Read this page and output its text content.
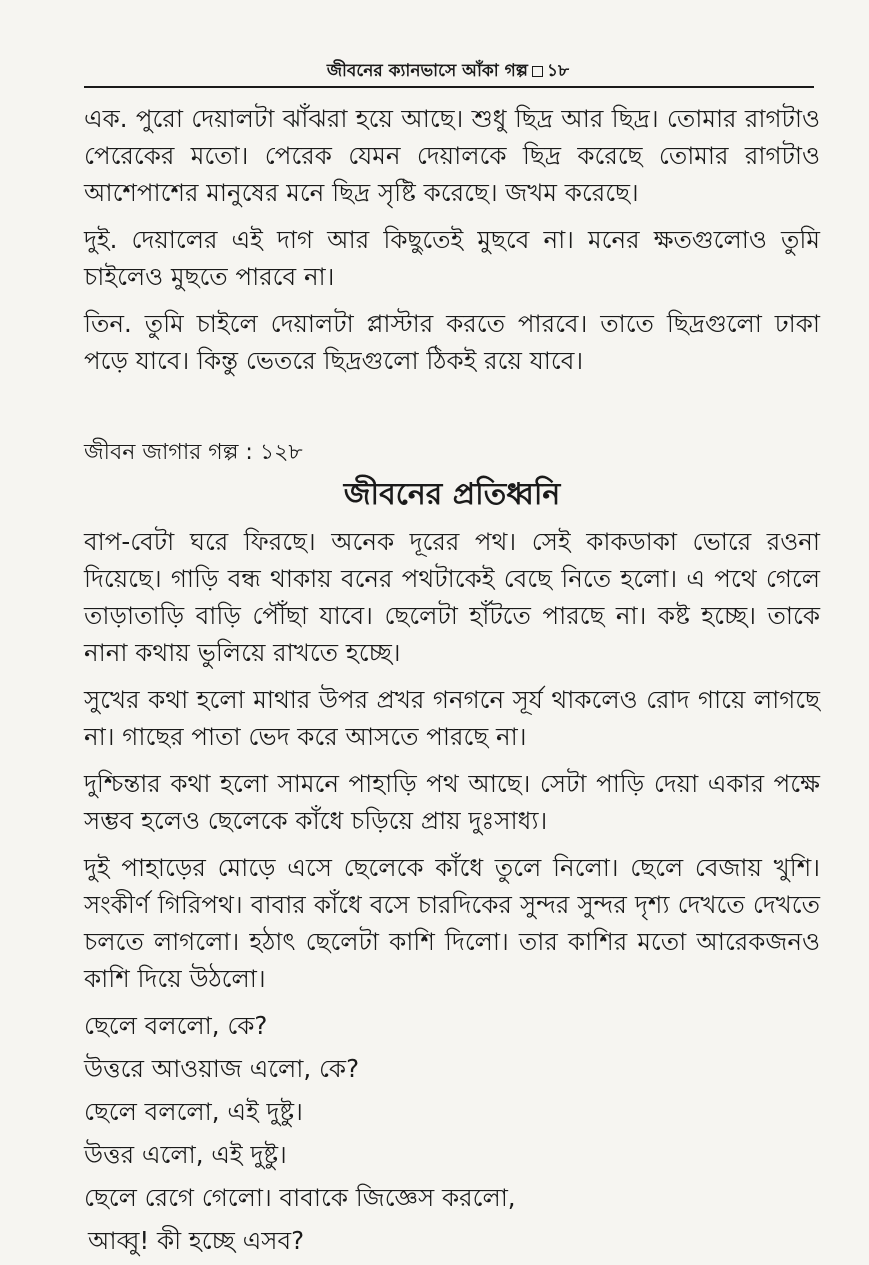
জীবনের ক্যানভাসে আঁকা গল্প ১৮

এক. পুরো দেয়ালটা ঝাঁঝরা হয়ে আছে। শুধু ছিদ্র আর ছিদ্র। তোমার রাগটাও পেরেকের মতো। পেরেক যেমন দেয়ালকে ছিদ্র করেছে তোমার রাগটাও আশেপাশের মানুষের মনে ছিদ্র সৃষ্টি করেছে। জখম করেছে।

দুই. দেয়ালের এই দাগ আর কিছুতেই মুছবে না। মনের ক্ষতগুলোও তুমি চাইলেও মুছতে পারবে না।

তিন. তুমি চাইলে দেয়ালটা প্লাস্টার করতে পারবে। তাতে ছিদ্রগুলো ঢাকা পড়ে যাবে। কিন্তু ভেতরে ছিদ্রগুলো ঠিকই রয়ে যাবে।

জীবন জাগার গল্প : ১২৮
জীবনের প্রতিধ্বনি

বাপ-বেটা ঘরে ফিরছে। অনেক দূরের পথ। সেই কাকডাকা ভোরে রওনা দিয়েছে। গাড়ি বন্ধ থাকায় বনের পথটাকেই বেছে নিতে হলো। এ পথে গেলে তাড়াতাড়ি বাড়ি পৌঁছা যাবে। ছেলেটা হাঁটতে পারছে না। কষ্ট হচ্ছে। তাকে নানা কথায় ভুলিয়ে রাখতে হচ্ছে।

সুখের কথা হলো মাথার উপর প্রখর গনগনে সূর্য থাকলেও রোদ গায়ে লাগছে না। গাছের পাতা ভেদ করে আসতে পারছে না।

দুশ্চিন্তার কথা হলো সামনে পাহাড়ি পথ আছে। সেটা পাড়ি দেয়া একার পক্ষে সম্ভব হলেও ছেলেকে কাঁধে চড়িয়ে প্রায় দুঃসাধ্য।

দুই পাহাড়ের মোড়ে এসে ছেলেকে কাঁধে তুলে নিলো। ছেলে বেজায় খুশি। সংকীর্ণ গিরিপথ। বাবার কাঁধে বসে চারদিকের সুন্দর সুন্দর দৃশ্য দেখতে দেখতে চলতে লাগলো। হঠাৎ ছেলেটা কাশি দিলো। তার কাশির মতো আরেকজনও কাশি দিয়ে উঠলো।

ছেলে বললো, কে?
উত্তরে আওয়াজ এলো, কে?
ছেলে বললো, এই দুষ্টু।
উত্তর এলো, এই দুষ্টু।
ছেলে রেগে গেলো। বাবাকে জিজ্ঞেস করলো,
আব্বু! কী হচ্ছে এসব?
